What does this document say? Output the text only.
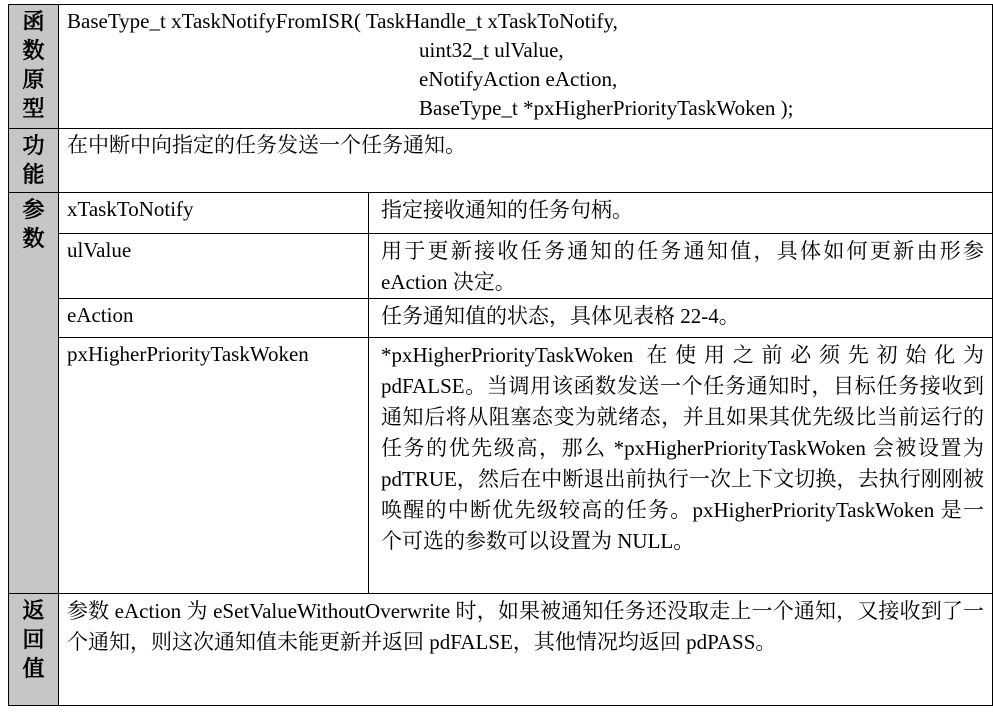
函
数
原
型	BaseType_t xTaskNotifyFromISR( TaskHandle_t xTaskToNotify,
uint32_t ulValue,
eNotifyAction eAction,
BaseType_t *pxHigherPriorityTaskWoken );	

功
能	在中断中向指定的任务发送一个任务通知。	

参
数	xTaskToNotify	指定接收通知的任务句柄。
	ulValue	用于更新接收任务通知的任务通知值，具体如何更新由形参 eAction 决定。
	eAction	任务通知值的状态，具体见表格 22-4。
	pxHigherPriorityTaskWoken	*pxHigherPriorityTaskWoken 在使用之前必须先初始化为 pdFALSE。当调用该函数发送一个任务通知时，目标任务接收到通知后将从阻塞态变为就绪态，并且如果其优先级比当前运行的任务的优先级高，那么 *pxHigherPriorityTaskWoken 会被设置为 pdTRUE，然后在中断退出前执行一次上下文切换，去执行刚刚被唤醒的中断优先级较高的任务。pxHigherPriorityTaskWoken 是一个可选的参数可以设置为 NULL。

返
回
值	参数 eAction 为 eSetValueWithoutOverwrite 时，如果被通知任务还没取走上一个通知，又接收到了一个通知，则这次通知值未能更新并返回 pdFALSE，其他情况均返回 pdPASS。	
